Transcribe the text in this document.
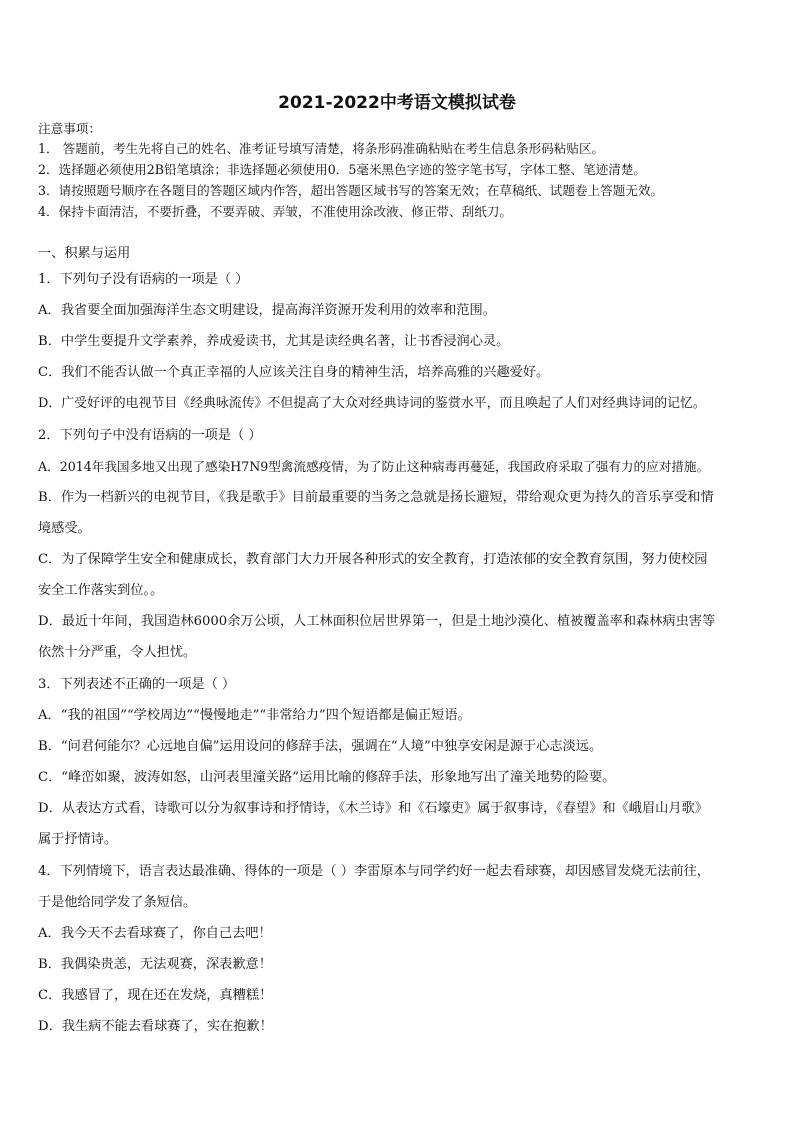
2021-2022中考语文模拟试卷
注意事项：
1． 答题前，考生先将自己的姓名、准考证号填写清楚，将条形码准确粘贴在考生信息条形码粘贴区。
2．选择题必须使用2B铅笔填涂；非选择题必须使用0．5毫米黑色字迹的签字笔书写，字体工整、笔迹清楚。
3．请按照题号顺序在各题目的答题区域内作答，超出答题区域书写的答案无效；在草稿纸、试题卷上答题无效。
4．保持卡面清洁，不要折叠，不要弄破、弄皱，不准使用涂改液、修正带、刮纸刀。
一、积累与运用
1．下列句子没有语病的一项是（ ）
A．我省要全面加强海洋生态文明建设，提高海洋资源开发利用的效率和范围。
B．中学生要提升文学素养，养成爱读书，尤其是读经典名著，让书香浸润心灵。
C．我们不能否认做一个真正幸福的人应该关注自身的精神生活，培养高雅的兴趣爱好。
D．广受好评的电视节目《经典咏流传》不但提高了大众对经典诗词的鉴赏水平，而且唤起了人们对经典诗词的记忆。
2．下列句子中没有语病的一项是（ ）
A．2014年我国多地又出现了感染H7N9型禽流感疫情，为了防止这种病毒再蔓延，我国政府采取了强有力的应对措施。
B．作为一档新兴的电视节目，《我是歌手》目前最重要的当务之急就是扬长避短，带给观众更为持久的音乐享受和情
境感受。
C．为了保障学生安全和健康成长，教育部门大力开展各种形式的安全教育，打造浓郁的安全教育氛围，努力使校园
安全工作落实到位。。
D．最近十年间，我国造林6000余万公顷，人工林面积位居世界第一，但是土地沙漠化、植被覆盖率和森林病虫害等
依然十分严重，令人担忧。
3．下列表述不正确的一项是（ ）
A．“我的祖国”“学校周边”“慢慢地走”“非常给力”四个短语都是偏正短语。
B．“问君何能尔？心远地自偏”运用设问的修辞手法，强调在“人境”中独享安闲是源于心志淡远。
C．“峰峦如聚，波涛如怒，山河表里潼关路”运用比喻的修辞手法，形象地写出了潼关地势的险要。
D．从表达方式看，诗歌可以分为叙事诗和抒情诗，《木兰诗》和《石壕吏》属于叙事诗，《春望》和《峨眉山月歌》
属于抒情诗。
4．下列情境下，语言表达最准确、得体的一项是（ ）李雷原本与同学约好一起去看球赛，却因感冒发烧无法前往，
于是他给同学发了条短信。
A．我今天不去看球赛了，你自己去吧！
B．我偶染贵恙，无法观赛，深表歉意！
C．我感冒了，现在还在发烧，真糟糕！
D．我生病不能去看球赛了，实在抱歉！
